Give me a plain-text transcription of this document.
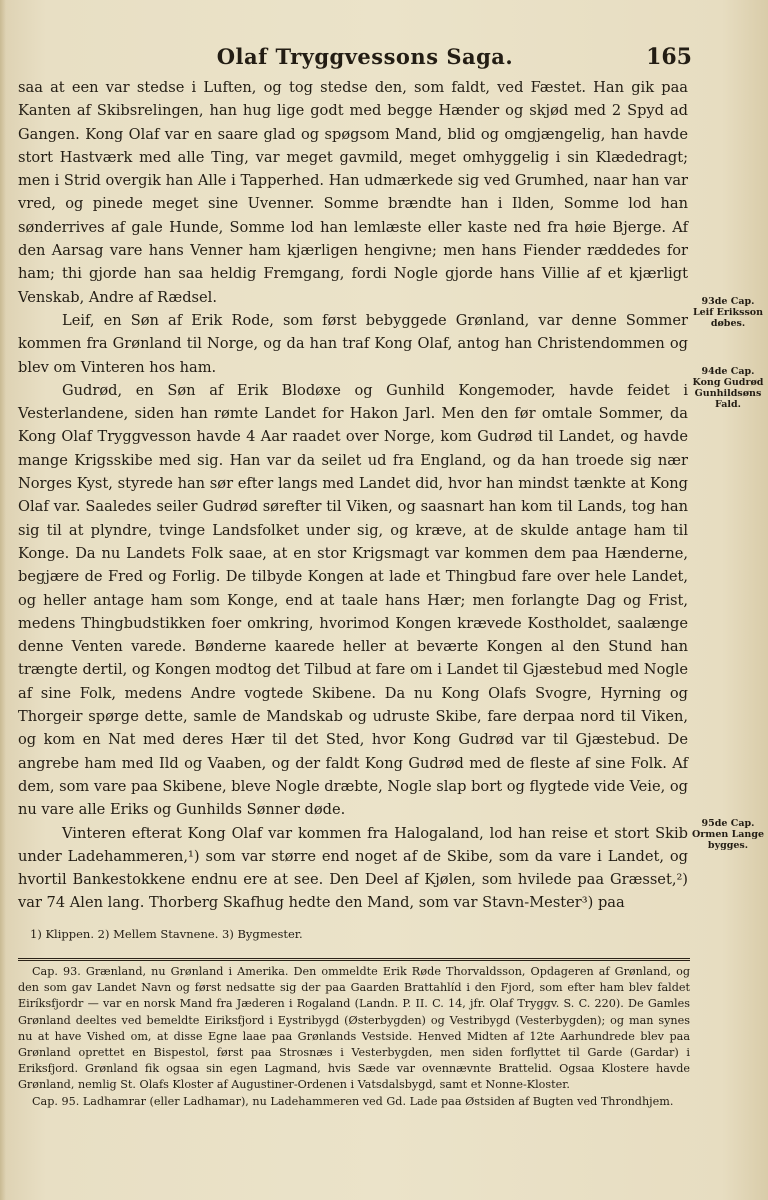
Olaf Tryggvessons Saga.	165

saa at een var stedse i Luften, og tog stedse den, som faldt, ved Fæstet. Han gik paa Kanten af Skibsrelingen, han hug lige godt med begge Hænder og skjød med 2 Spyd ad Gangen. Kong Olaf var en saare glad og spøgsom Mand, blid og omgjængelig, han havde stort Hastværk med alle Ting, var meget gavmild, meget omhyggelig i sin Klædedragt; men i Strid overgik han Alle i Tapperhed. Han udmærkede sig ved Grumhed, naar han var vred, og pinede meget sine Uvenner. Somme brændte han i Ilden, Somme lod han sønderrives af gale Hunde, Somme lod han lemlæste eller kaste ned fra høie Bjerge. Af den Aarsag vare hans Venner ham kjærligen hengivne; men hans Fiender ræddedes for ham; thi gjorde han saa heldig Fremgang, fordi Nogle gjorde hans Villie af et kjærligt Venskab, Andre af Rædsel.

Leif, en Søn af Erik Rode, som først bebyggede Grønland, var denne Sommer kommen fra Grønland til Norge, og da han traf Kong Olaf, antog han Christendommen og blev om Vinteren hos ham.

Gudrød, en Søn af Erik Blodøxe og Gunhild Kongemoder, havde feidet i Vesterlandene, siden han rømte Landet for Hakon Jarl. Men den før omtale Sommer, da Kong Olaf Tryggvesson havde 4 Aar raadet over Norge, kom Gudrød til Landet, og havde mange Krigsskibe med sig. Han var da seilet ud fra England, og da han troede sig nær Norges Kyst, styrede han sør efter langs med Landet did, hvor han mindst tænkte at Kong Olaf var. Saaledes seiler Gudrød sørefter til Viken, og saasnart han kom til Lands, tog han sig til at plyndre, tvinge Landsfolket under sig, og kræve, at de skulde antage ham til Konge. Da nu Landets Folk saae, at en stor Krigsmagt var kommen dem paa Hænderne, begjære de Fred og Forlig. De tilbyde Kongen at lade et Thingbud fare over hele Landet, og heller antage ham som Konge, end at taale hans Hær; men forlangte Dag og Frist, medens Thingbudstikken foer omkring, hvorimod Kongen krævede Kostholdet, saalænge denne Venten varede. Bønderne kaarede heller at beværte Kongen al den Stund han trængte dertil, og Kongen modtog det Tilbud at fare om i Landet til Gjæstebud med Nogle af sine Folk, medens Andre vogtede Skibene. Da nu Kong Olafs Svogre, Hyrning og Thorgeir spørge dette, samle de Mandskab og udruste Skibe, fare derpaa nord til Viken, og kom en Nat med deres Hær til det Sted, hvor Kong Gudrød var til Gjæstebud. De angrebe ham med Ild og Vaaben, og der faldt Kong Gudrød med de fleste af sine Folk. Af dem, som vare paa Skibene, bleve Nogle dræbte, Nogle slap bort og flygtede vide Veie, og nu vare alle Eriks og Gunhilds Sønner døde.

Vinteren efterat Kong Olaf var kommen fra Halogaland, lod han reise et stort Skib under Ladehammeren,¹) som var større end noget af de Skibe, som da vare i Landet, og hvortil Bankestokkene endnu ere at see. Den Deel af Kjølen, som hvilede paa Græsset,²) var 74 Alen lang. Thorberg Skafhug hedte den Mand, som var Stavn-Mester³) paa

93de Cap. Leif Eriksson døbes.
94de Cap. Kong Gudrød Gunhildsøns Fald.
95de Cap. Ormen Lange bygges.
1) Klippen. 2) Mellem Stavnene. 3) Bygmester.

Cap. 93. Grænland, nu Grønland i Amerika. Den ommeldte Erik Røde Thorvaldsson, Opdageren af Grønland, og den som gav Landet Navn og først nedsatte sig der paa Gaarden Brattahlíd i den Fjord, som efter ham blev faldet Eiríksfjordr — var en norsk Mand fra Jæderen i Rogaland (Landn. P. II. C. 14, jfr. Olaf Tryggv. S. C. 220). De Gamles Grønland deeltes ved bemeldte Eiriksfjord i Eystribygd (Østerbygden) og Vestribygd (Vesterbygden); og man synes nu at have Vished om, at disse Egne laae paa Grønlands Vestside. Henved Midten af 12te Aarhundrede blev paa Grønland oprettet en Bispestol, først paa Strosnæs i Vesterbygden, men siden forflyttet til Garde (Gardar) i Eriksfjord. Grønland fik ogsaa sin egen Lagmand, hvis Sæde var ovennævnte Brattelid. Ogsaa Klostere havde Grønland, nemlig St. Olafs Kloster af Augustiner-Ordenen i Vatsdalsbygd, samt et Nonne-Kloster.

Cap. 95. Ladhamrar (eller Ladhamar), nu Ladehammeren ved Gd. Lade paa Østsiden af Bugten ved Throndhjem.
